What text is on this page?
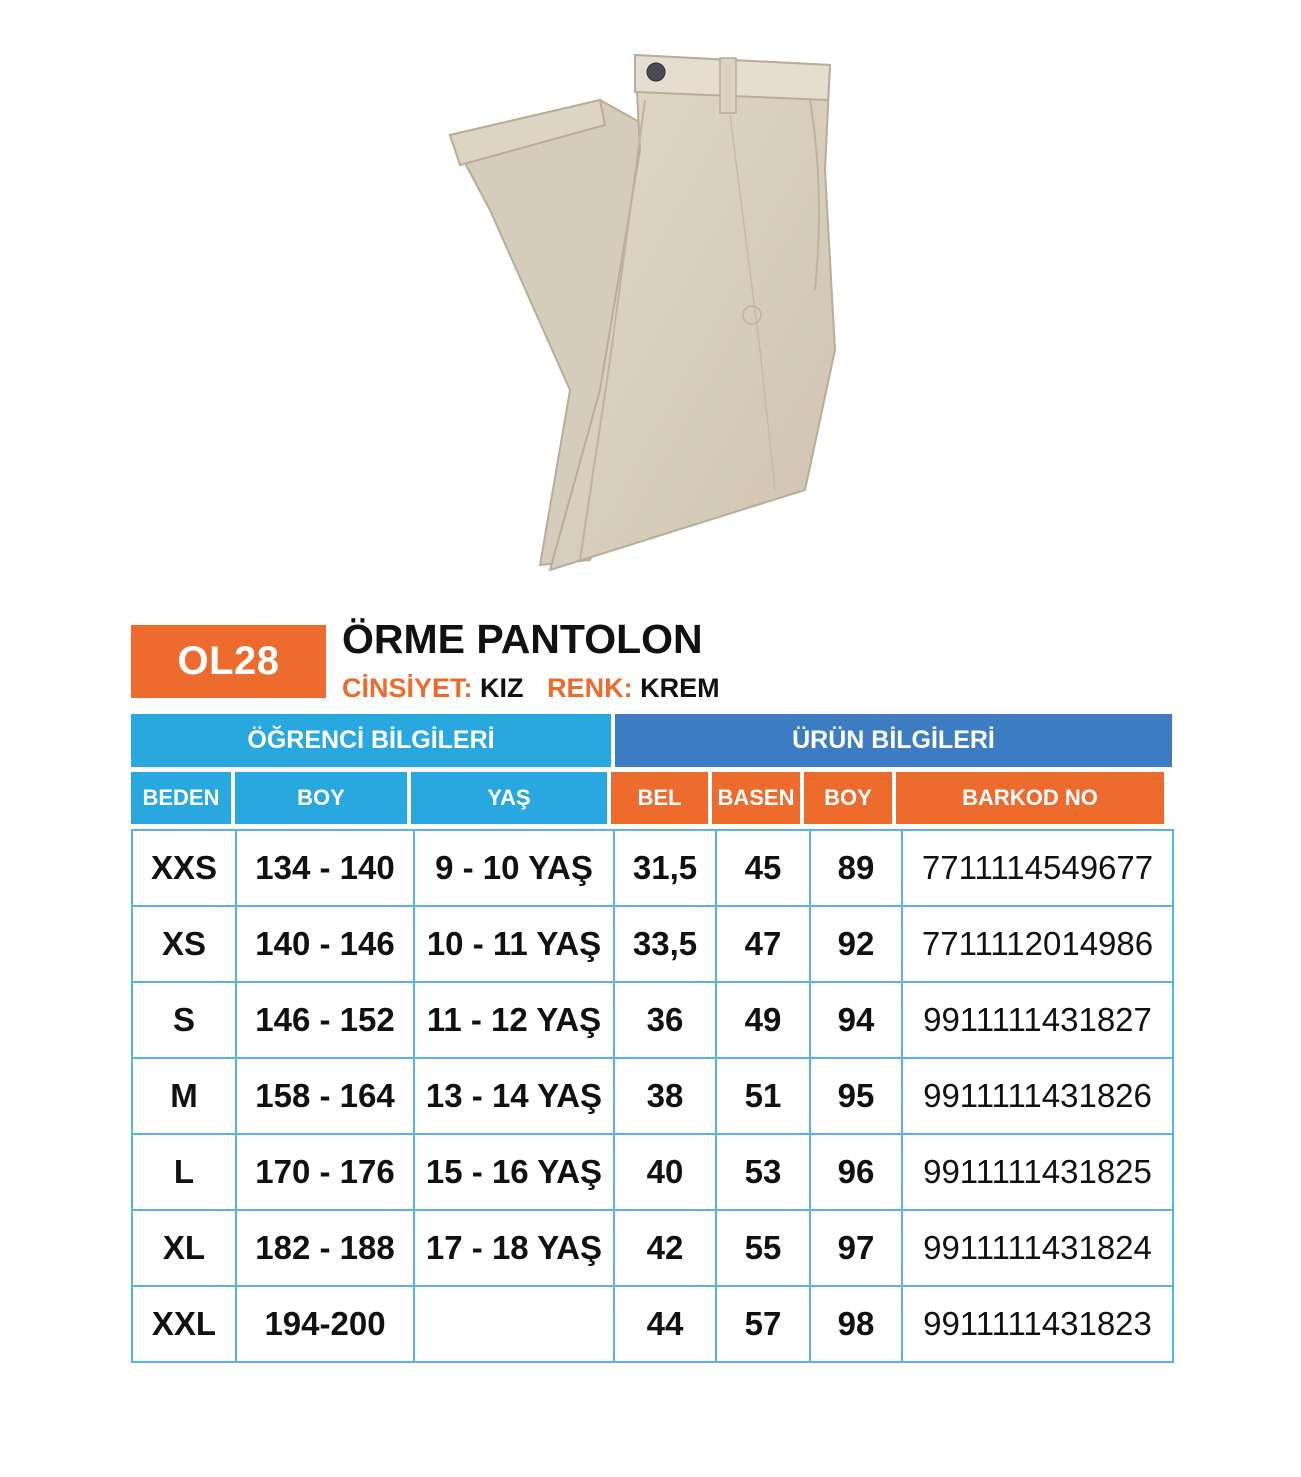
OL28	ÖRME PANTOLON
CİNSİYET: KIZ RENK: KREM
ÖĞRENCİ BİLGİLERİ	ÜRÜN BİLGİLERİ
BEDEN	BOY	YAŞ	BEL	BASEN	BOY	BARKOD NO
XXS	134 - 140	9 - 10 YAŞ	31,5	45	89	7711114549677
XS	140 - 146	10 - 11 YAŞ	33,5	47	92	7711112014986
S	146 - 152	11 - 12 YAŞ	36	49	94	9911111431827
M	158 - 164	13 - 14 YAŞ	38	51	95	9911111431826
L	170 - 176	15 - 16 YAŞ	40	53	96	9911111431825
XL	182 - 188	17 - 18 YAŞ	42	55	97	9911111431824
XXL	194-200		44	57	98	9911111431823
